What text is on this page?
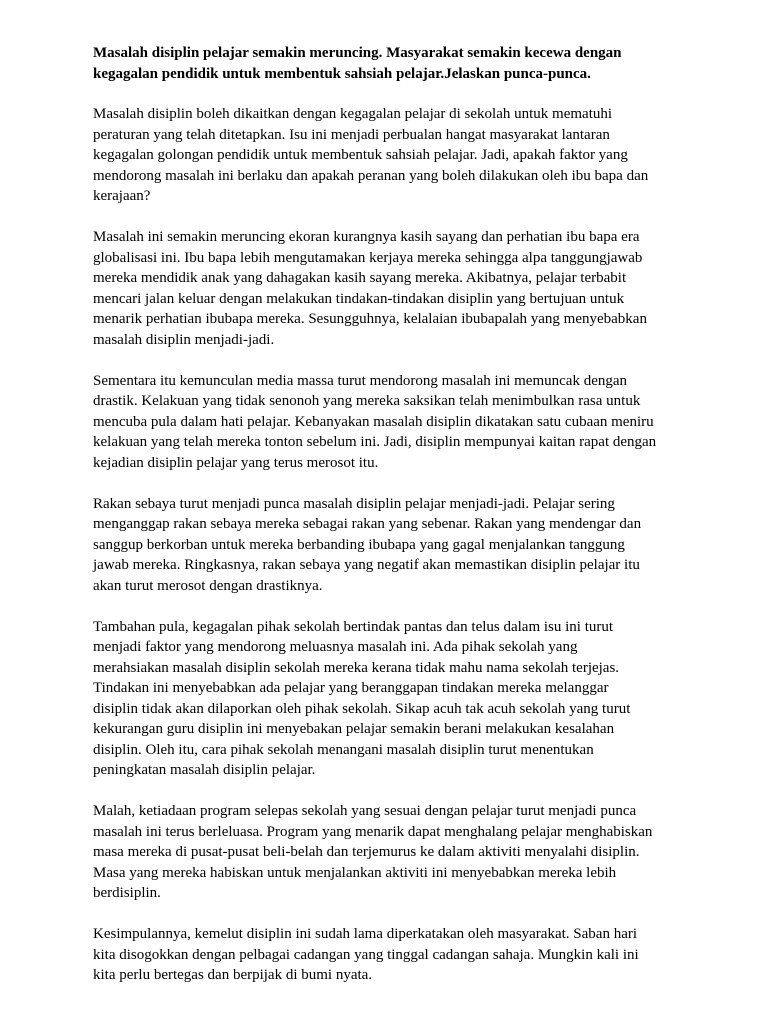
Masalah disiplin pelajar semakin meruncing. Masyarakat semakin kecewa dengan
kegagalan pendidik untuk membentuk sahsiah pelajar.Jelaskan punca-punca.
Masalah disiplin boleh dikaitkan dengan kegagalan pelajar di sekolah untuk mematuhi
peraturan yang telah ditetapkan. Isu ini menjadi perbualan hangat masyarakat lantaran
kegagalan golongan pendidik untuk membentuk sahsiah pelajar. Jadi, apakah faktor yang
mendorong masalah ini berlaku dan apakah peranan yang boleh dilakukan oleh ibu bapa dan
kerajaan?
Masalah ini semakin meruncing ekoran kurangnya kasih sayang dan perhatian ibu bapa era
globalisasi ini. Ibu bapa lebih mengutamakan kerjaya mereka sehingga alpa tanggungjawab
mereka mendidik anak yang dahagakan kasih sayang mereka. Akibatnya, pelajar terbabit
mencari jalan keluar dengan melakukan tindakan-tindakan disiplin yang bertujuan untuk
menarik perhatian ibubapa mereka. Sesungguhnya, kelalaian ibubapalah yang menyebabkan
masalah disiplin menjadi-jadi.
Sementara itu kemunculan media massa turut mendorong masalah ini memuncak dengan
drastik. Kelakuan yang tidak senonoh yang mereka saksikan telah menimbulkan rasa untuk
mencuba pula dalam hati pelajar. Kebanyakan masalah disiplin dikatakan satu cubaan meniru
kelakuan yang telah mereka tonton sebelum ini. Jadi, disiplin mempunyai kaitan rapat dengan
kejadian disiplin pelajar yang terus merosot itu.
Rakan sebaya turut menjadi punca masalah disiplin pelajar menjadi-jadi. Pelajar sering
menganggap rakan sebaya mereka sebagai rakan yang sebenar. Rakan yang mendengar dan
sanggup berkorban untuk mereka berbanding ibubapa yang gagal menjalankan tanggung
jawab mereka. Ringkasnya, rakan sebaya yang negatif akan memastikan disiplin pelajar itu
akan turut merosot dengan drastiknya.
Tambahan pula, kegagalan pihak sekolah bertindak pantas dan telus dalam isu ini turut
menjadi faktor yang mendorong meluasnya masalah ini. Ada pihak sekolah yang
merahsiakan masalah disiplin sekolah mereka kerana tidak mahu nama sekolah terjejas.
Tindakan ini menyebabkan ada pelajar yang beranggapan tindakan mereka melanggar
disiplin tidak akan dilaporkan oleh pihak sekolah. Sikap acuh tak acuh sekolah yang turut
kekurangan guru disiplin ini menyebakan pelajar semakin berani melakukan kesalahan
disiplin. Oleh itu, cara pihak sekolah menangani masalah disiplin turut menentukan
peningkatan masalah disiplin pelajar.
Malah, ketiadaan program selepas sekolah yang sesuai dengan pelajar turut menjadi punca
masalah ini terus berleluasa. Program yang menarik dapat menghalang pelajar menghabiskan
masa mereka di pusat-pusat beli-belah dan terjemurus ke dalam aktiviti menyalahi disiplin.
Masa yang mereka habiskan untuk menjalankan aktiviti ini menyebabkan mereka lebih
berdisiplin.
Kesimpulannya, kemelut disiplin ini sudah lama diperkatakan oleh masyarakat. Saban hari
kita disogokkan dengan pelbagai cadangan yang tinggal cadangan sahaja. Mungkin kali ini
kita perlu bertegas dan berpijak di bumi nyata.
